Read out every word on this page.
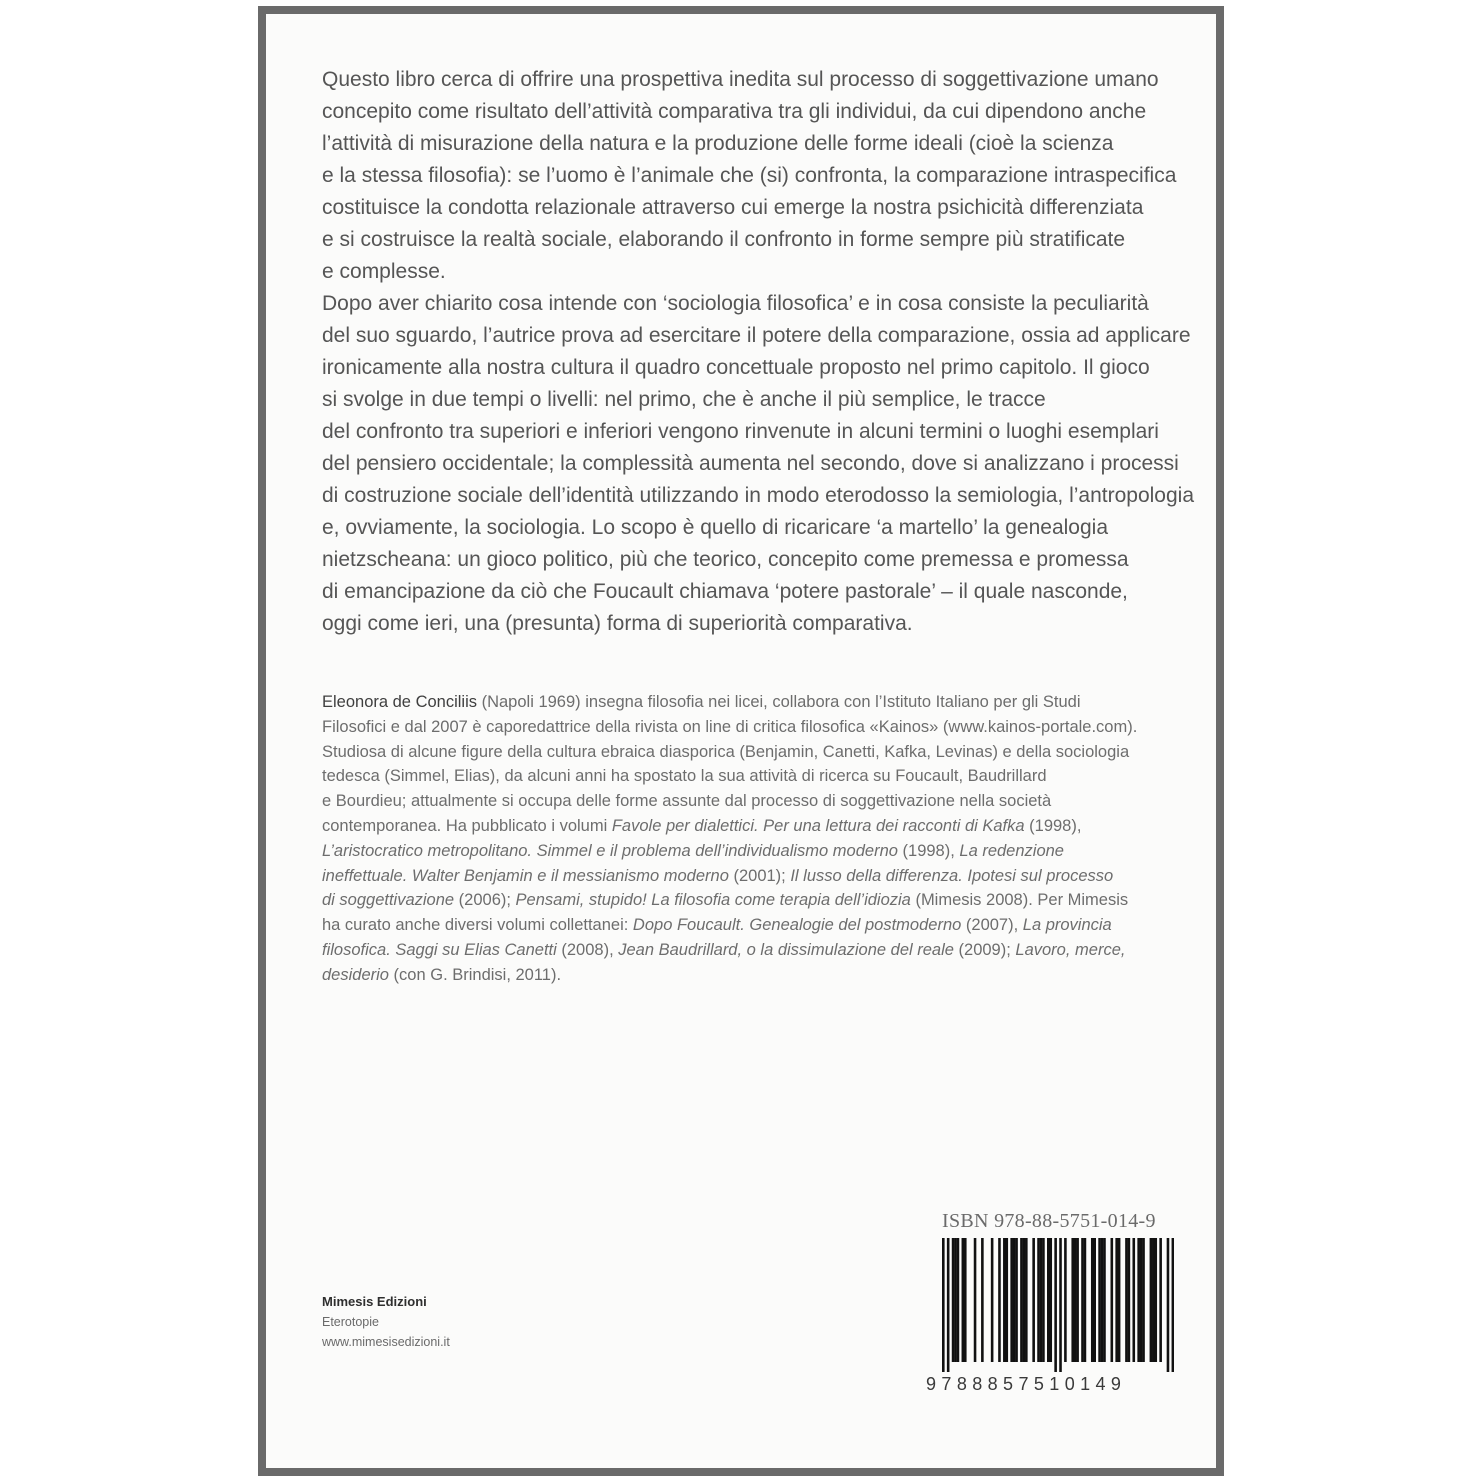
Questo libro cerca di offrire una prospettiva inedita sul processo di soggettivazione umano
concepito come risultato dell’attività comparativa tra gli individui, da cui dipendono anche
l’attività di misurazione della natura e la produzione delle forme ideali (cioè la scienza
e la stessa filosofia): se l’uomo è l’animale che (si) confronta, la comparazione intraspecifica
costituisce la condotta relazionale attraverso cui emerge la nostra psichicità differenziata
e si costruisce la realtà sociale, elaborando il confronto in forme sempre più stratificate
e complesse.
Dopo aver chiarito cosa intende con ‘sociologia filosofica’ e in cosa consiste la peculiarità
del suo sguardo, l’autrice prova ad esercitare il potere della comparazione, ossia ad applicare
ironicamente alla nostra cultura il quadro concettuale proposto nel primo capitolo. Il gioco
si svolge in due tempi o livelli: nel primo, che è anche il più semplice, le tracce
del confronto tra superiori e inferiori vengono rinvenute in alcuni termini o luoghi esemplari
del pensiero occidentale; la complessità aumenta nel secondo, dove si analizzano i processi
di costruzione sociale dell’identità utilizzando in modo eterodosso la semiologia, l’antropologia
e, ovviamente, la sociologia. Lo scopo è quello di ricaricare ‘a martello’ la genealogia
nietzscheana: un gioco politico, più che teorico, concepito come premessa e promessa
di emancipazione da ciò che Foucault chiamava ‘potere pastorale’ – il quale nasconde,
oggi come ieri, una (presunta) forma di superiorità comparativa.
Eleonora de Conciliis (Napoli 1969) insegna filosofia nei licei, collabora con l’Istituto Italiano per gli Studi
Filosofici e dal 2007 è caporedattrice della rivista on line di critica filosofica «Kainos» (www.kainos-portale.com).
Studiosa di alcune figure della cultura ebraica diasporica (Benjamin, Canetti, Kafka, Levinas) e della sociologia
tedesca (Simmel, Elias), da alcuni anni ha spostato la sua attività di ricerca su Foucault, Baudrillard
e Bourdieu; attualmente si occupa delle forme assunte dal processo di soggettivazione nella società
contemporanea. Ha pubblicato i volumi Favole per dialettici. Per una lettura dei racconti di Kafka (1998),
L’aristocratico metropolitano. Simmel e il problema dell’individualismo moderno (1998), La redenzione
ineffettuale. Walter Benjamin e il messianismo moderno (2001); Il lusso della differenza. Ipotesi sul processo
di soggettivazione (2006); Pensami, stupido! La filosofia come terapia dell’idiozia (Mimesis 2008). Per Mimesis
ha curato anche diversi volumi collettanei: Dopo Foucault. Genealogie del postmoderno (2007), La provincia
filosofica. Saggi su Elias Canetti (2008), Jean Baudrillard, o la dissimulazione del reale (2009); Lavoro, merce,
desiderio (con G. Brindisi, 2011).
Mimesis Edizioni
Eterotopie
www.mimesisedizioni.it
ISBN 978-88-5751-014-9
9788857510149
